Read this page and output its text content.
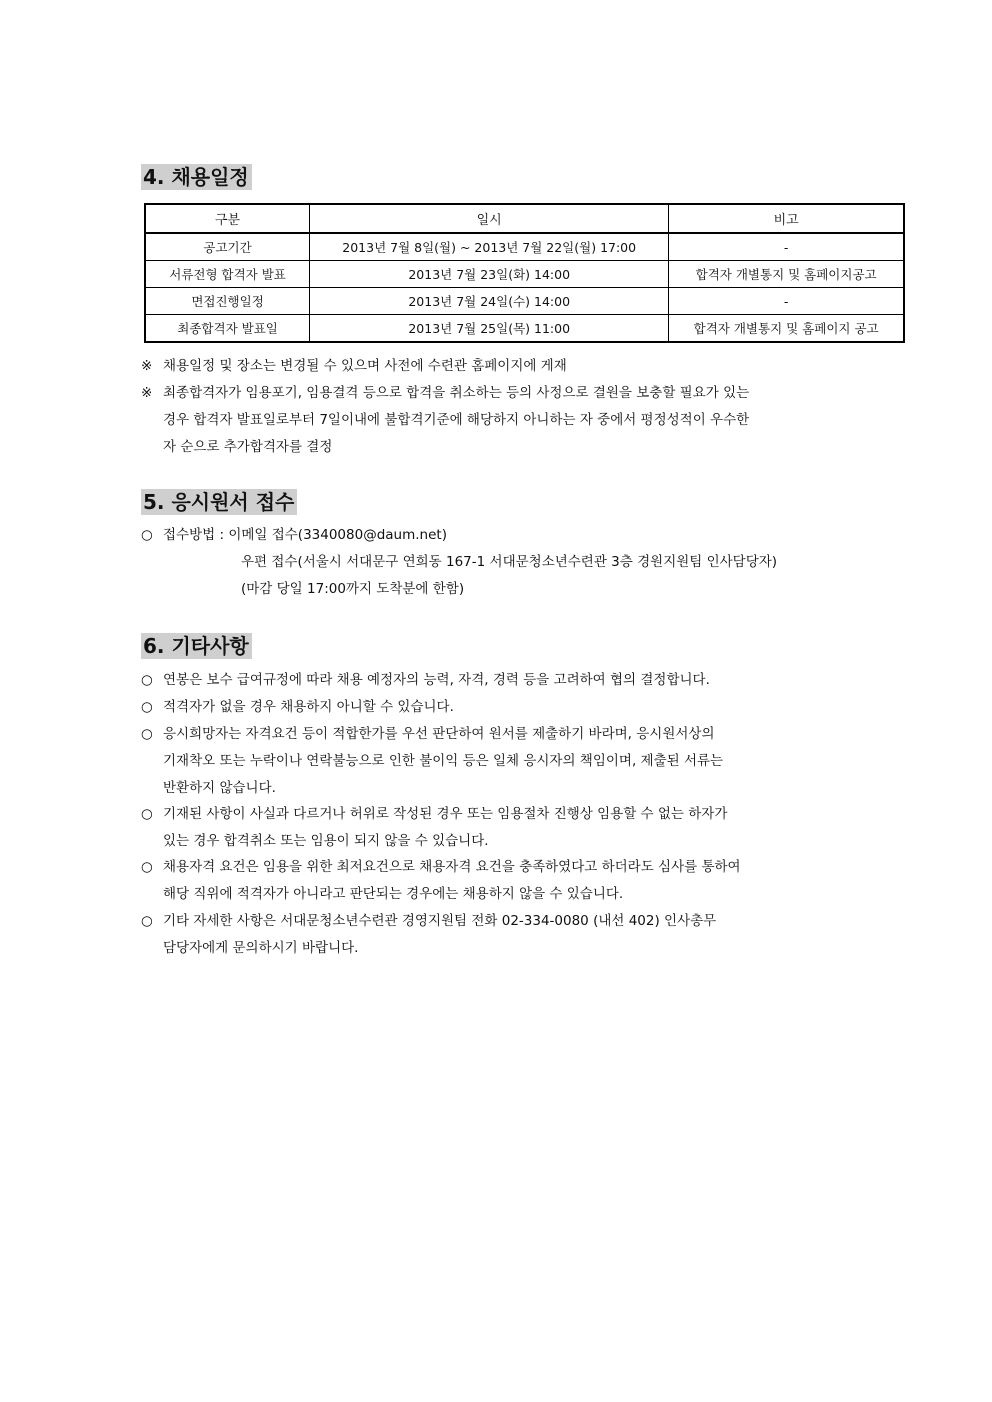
4. 채용일정
구분	일시	비고
공고기간	2013년 7월 8일(월) ~ 2013년 7월 22일(월) 17:00	-
서류전형 합격자 발표	2013년 7월 23일(화) 14:00	합격자 개별통지 및 홈페이지공고
면접진행일정	2013년 7월 24일(수) 14:00	-
최종합격자 발표일	2013년 7월 25일(목) 11:00	합격자 개별통지 및 홈페이지 공고
※ 채용일정 및 장소는 변경될 수 있으며 사전에 수련관 홈페이지에 게재
※ 최종합격자가 임용포기, 임용결격 등으로 합격을 취소하는 등의 사정으로 결원을 보충할 필요가 있는
경우 합격자 발표일로부터 7일이내에 불합격기준에 해당하지 아니하는 자 중에서 평정성적이 우수한
자 순으로 추가합격자를 결정
5. 응시원서 접수
○ 접수방법 : 이메일 접수(3340080@daum.net)
우편 접수(서울시 서대문구 연희동 167-1 서대문청소년수련관 3층 경원지원팀 인사담당자)
(마감 당일 17:00까지 도착분에 한함)
6. 기타사항
○ 연봉은 보수 급여규정에 따라 채용 예정자의 능력, 자격, 경력 등을 고려하여 협의 결정합니다.
○ 적격자가 없을 경우 채용하지 아니할 수 있습니다.
○ 응시희망자는 자격요건 등이 적합한가를 우선 판단하여 원서를 제출하기 바라며, 응시원서상의
기재착오 또는 누락이나 연락불능으로 인한 불이익 등은 일체 응시자의 책임이며, 제출된 서류는
반환하지 않습니다.
○ 기재된 사항이 사실과 다르거나 허위로 작성된 경우 또는 임용절차 진행상 임용할 수 없는 하자가
있는 경우 합격취소 또는 임용이 되지 않을 수 있습니다.
○ 채용자격 요건은 임용을 위한 최저요건으로 채용자격 요건을 충족하였다고 하더라도 심사를 통하여
해당 직위에 적격자가 아니라고 판단되는 경우에는 채용하지 않을 수 있습니다.
○ 기타 자세한 사항은 서대문청소년수련관 경영지원팀 전화 02-334-0080 (내선 402) 인사총무
담당자에게 문의하시기 바랍니다.
